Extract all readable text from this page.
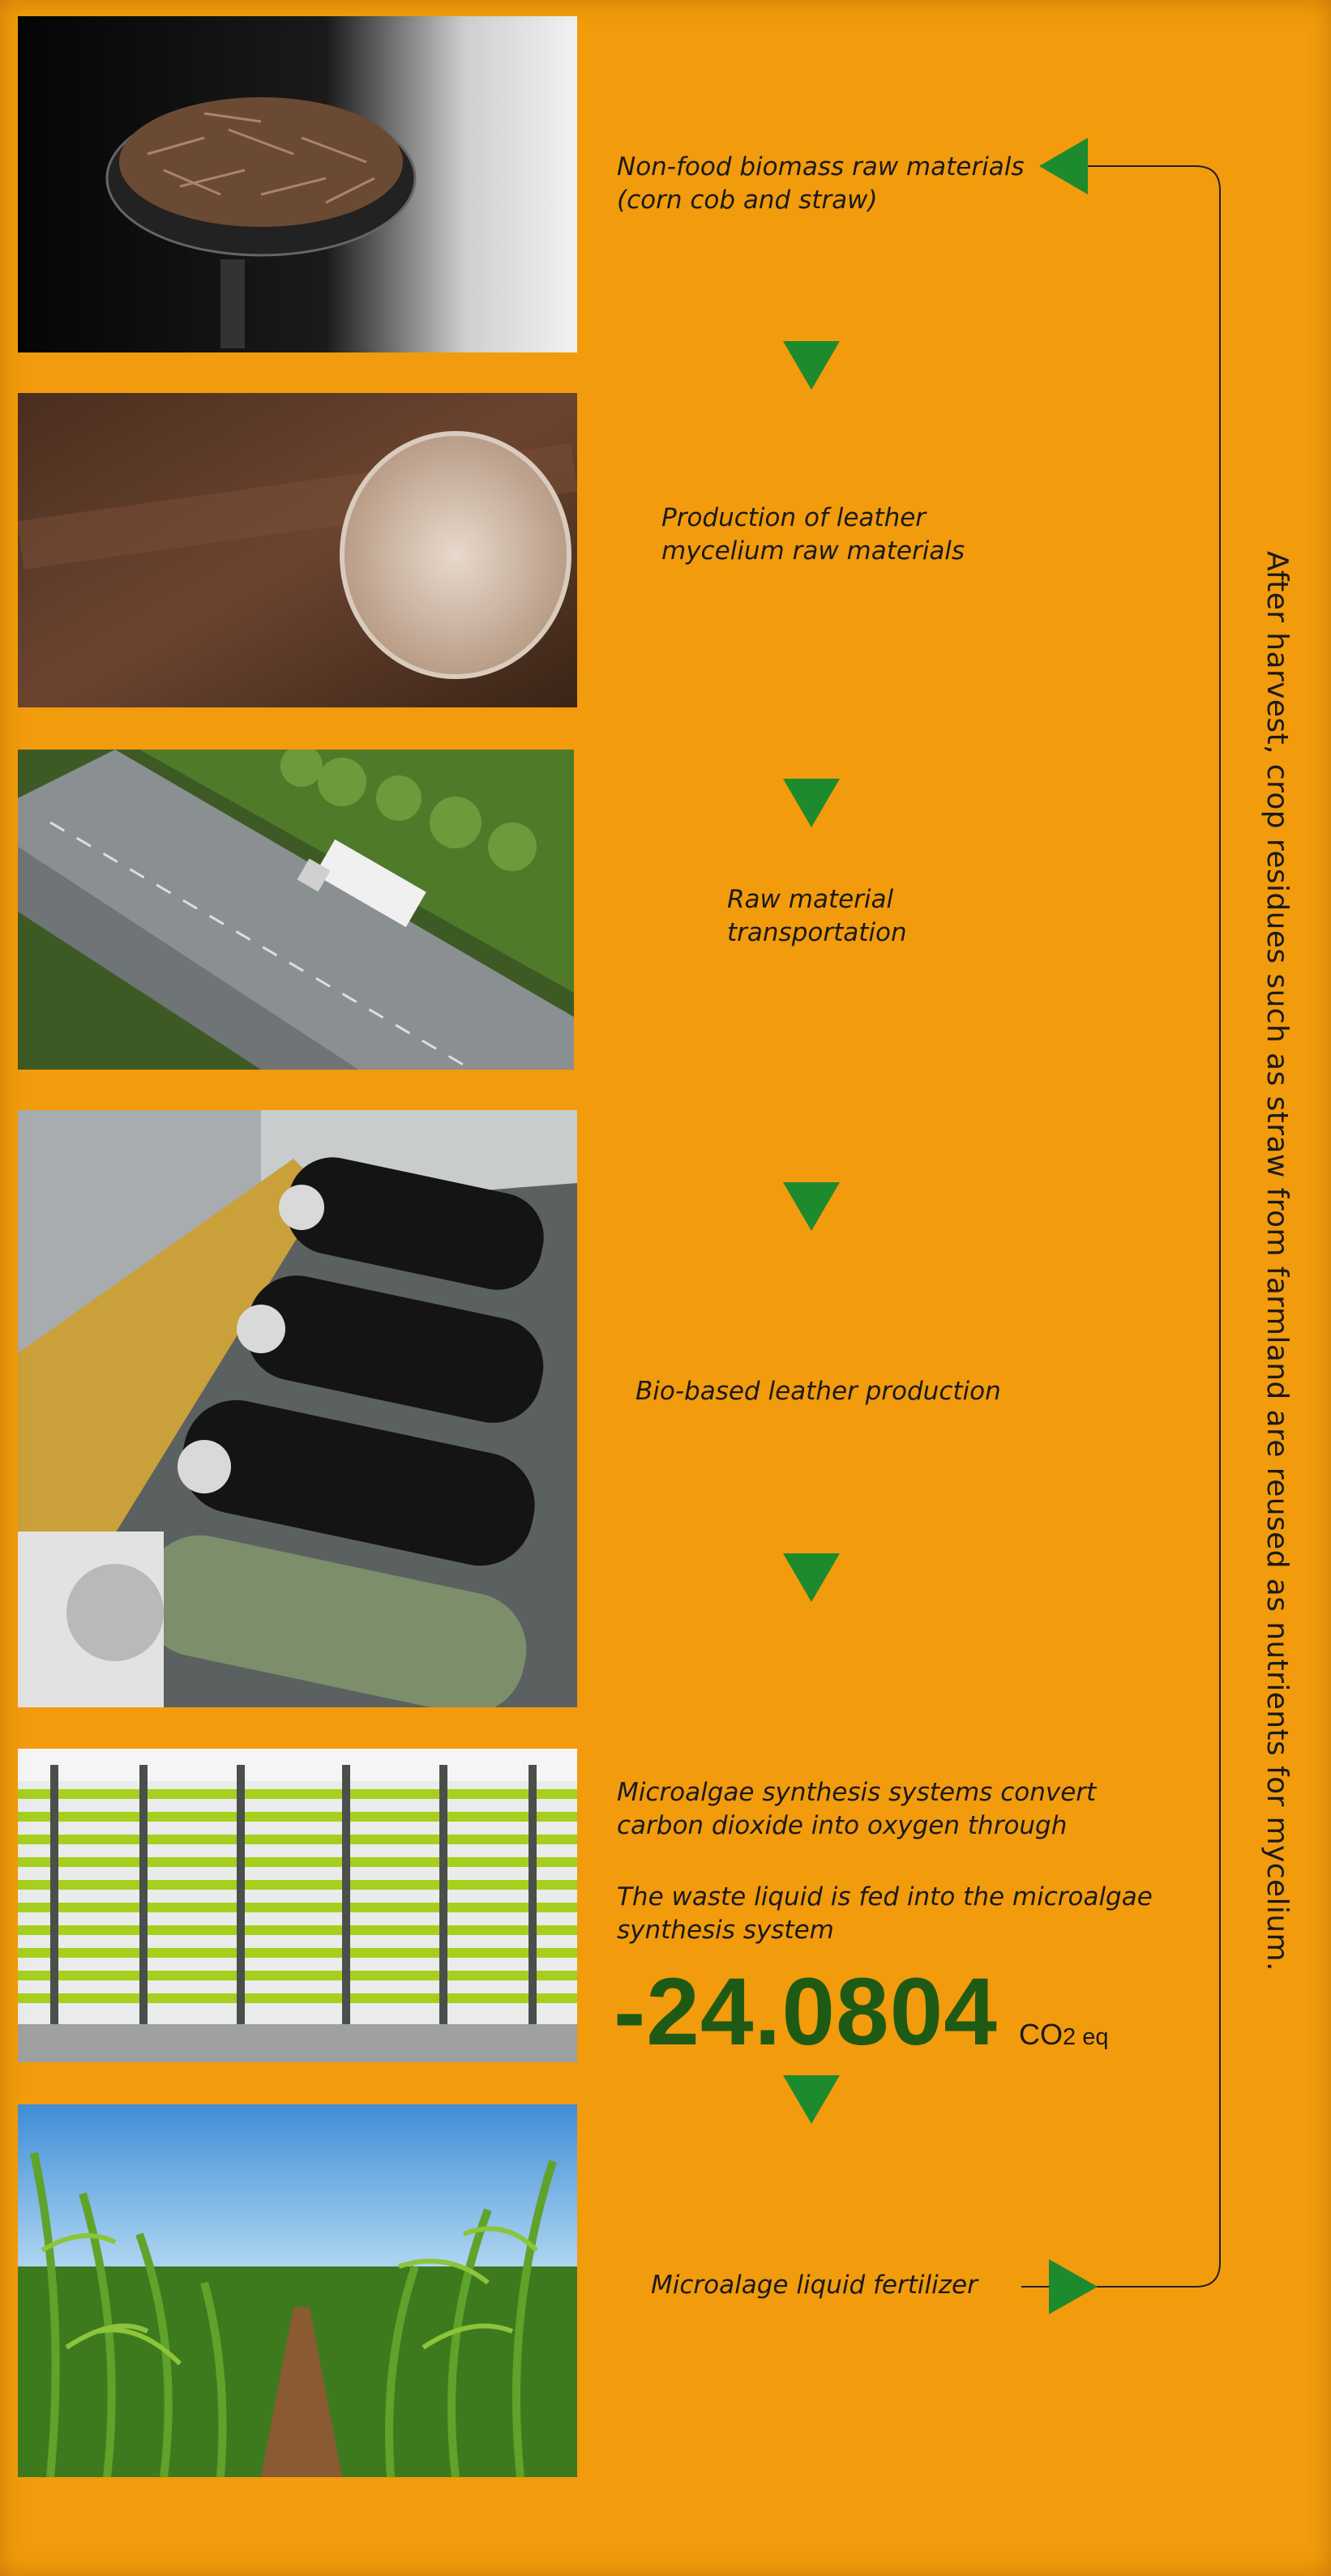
Non-food biomass raw materials
(corn cob and straw)
Production of leather
mycelium raw materials
Raw material
transportation
Bio-based leather production
Microalgae synthesis systems convert
carbon dioxide into oxygen through
The waste liquid is fed into the microalgae
synthesis system
Microalage liquid fertilizer
-24.0804 CO2 eq
After harvest, crop residues such as straw from farmland are reused as nutrients for mycelium.
